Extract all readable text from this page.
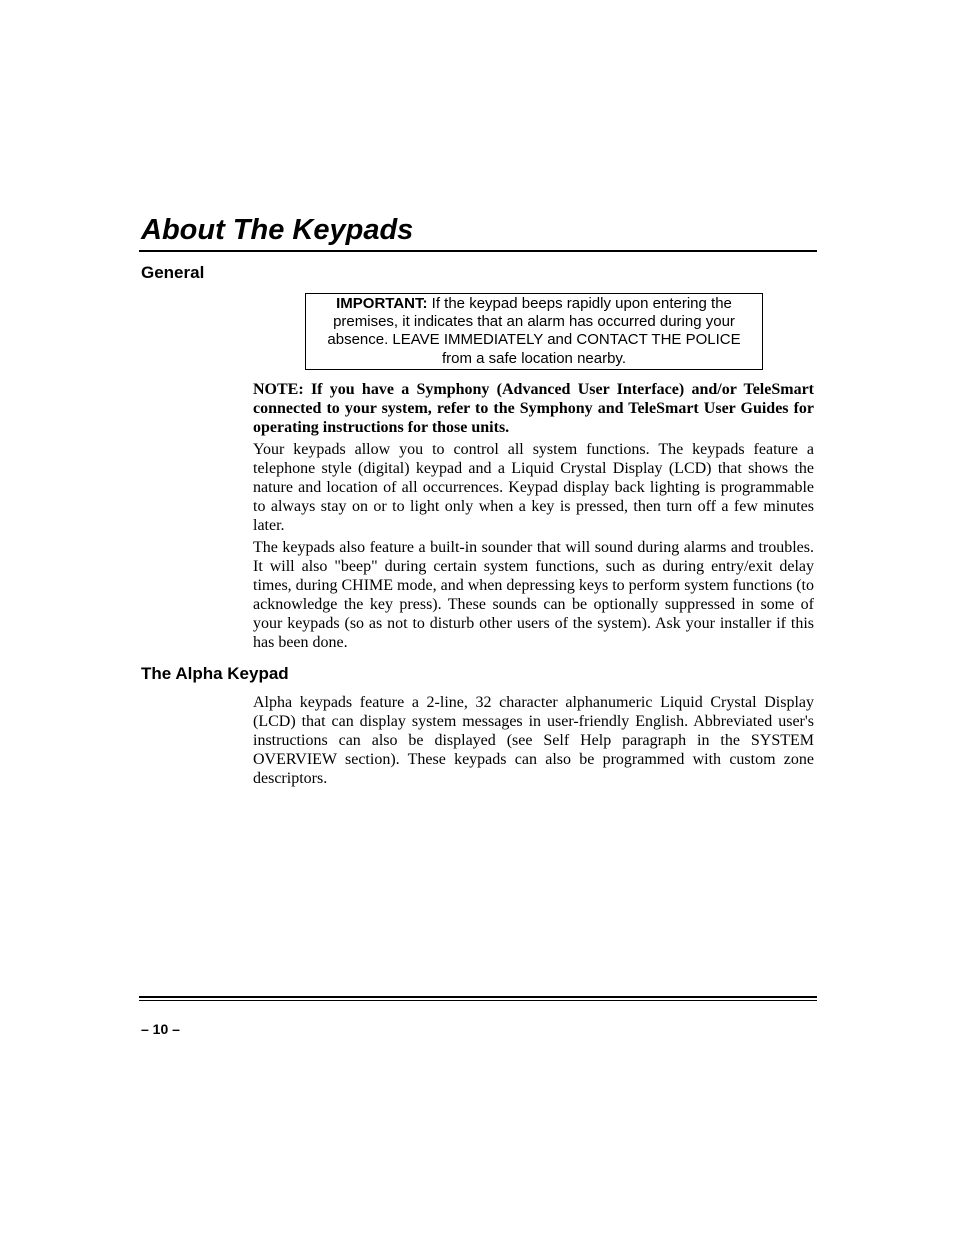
About The Keypads
General
IMPORTANT: If the keypad beeps rapidly upon entering the premises, it indicates that an alarm has occurred during your absence. LEAVE IMMEDIATELY and CONTACT THE POLICE from a safe location nearby.

NOTE: If you have a Symphony (Advanced User Interface) and/or TeleSmart connected to your system, refer to the Symphony and TeleSmart User Guides for operating instructions for those units.

Your keypads allow you to control all system functions. The keypads feature a telephone style (digital) keypad and a Liquid Crystal Display (LCD) that shows the nature and location of all occurrences. Keypad display back lighting is programmable to always stay on or to light only when a key is pressed, then turn off a few minutes later.

The keypads also feature a built-in sounder that will sound during alarms and troubles. It will also "beep" during certain system functions, such as during entry/exit delay times, during CHIME mode, and when depressing keys to perform system functions (to acknowledge the key press). These sounds can be optionally suppressed in some of your keypads (so as not to disturb other users of the system). Ask your installer if this has been done.

The Alpha Keypad

Alpha keypads feature a 2-line, 32 character alphanumeric Liquid Crystal Display (LCD) that can display system messages in user-friendly English. Abbreviated user's instructions can also be displayed (see Self Help paragraph in the SYSTEM OVERVIEW section). These keypads can also be programmed with custom zone descriptors.

– 10 –
